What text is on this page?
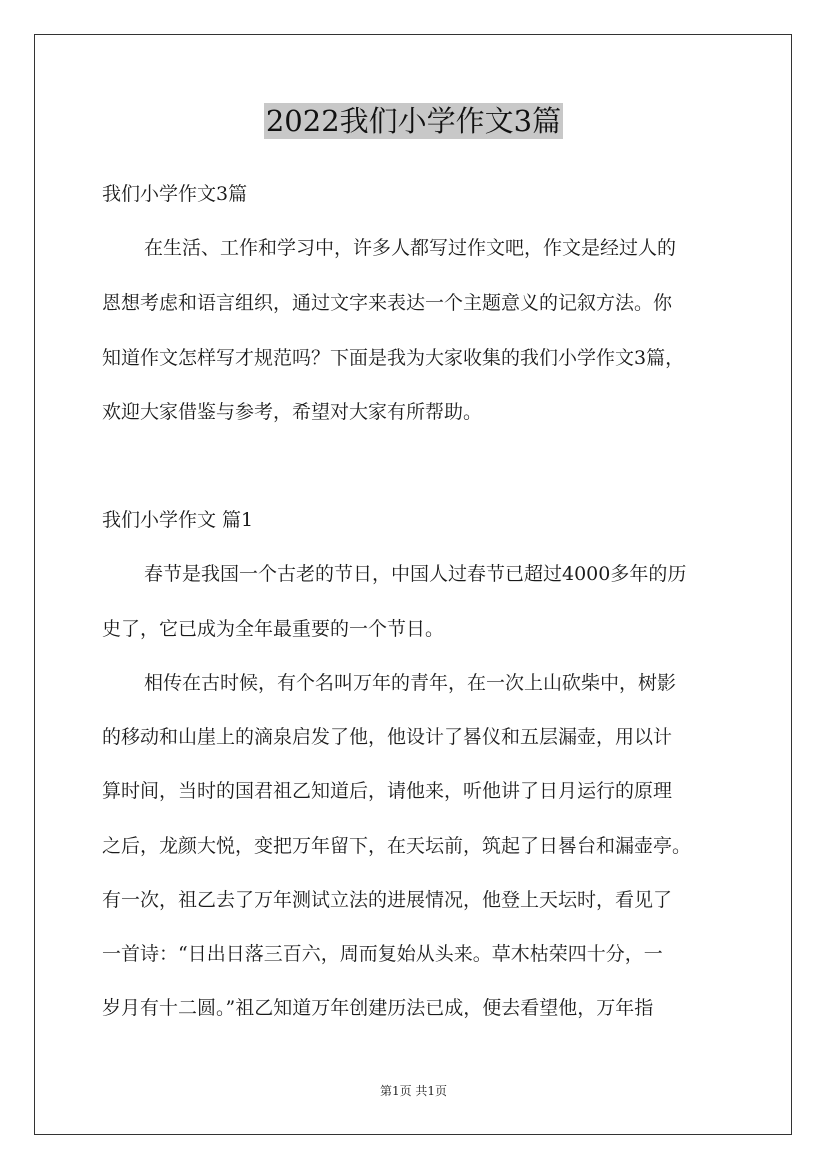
2022我们小学作文3篇
我们小学作文3篇
在生活、工作和学习中，许多人都写过作文吧，作文是经过人的
恩想考虑和语言组织，通过文字来表达一个主题意义的记叙方法。你
知道作文怎样写才规范吗？下面是我为大家收集的我们小学作文3篇，
欢迎大家借鉴与参考，希望对大家有所帮助。
我们小学作文 篇1
春节是我国一个古老的节日，中国人过春节已超过4000多年的历
史了，它已成为全年最重要的一个节日。
相传在古时候，有个名叫万年的青年，在一次上山砍柴中，树影
的移动和山崖上的滴泉启发了他，他设计了晷仪和五层漏壶，用以计
算时间，当时的国君祖乙知道后，请他来，听他讲了日月运行的原理
之后，龙颜大悦，变把万年留下，在天坛前，筑起了日晷台和漏壶亭。
有一次，祖乙去了万年测试立法的进展情况，他登上天坛时，看见了
一首诗：“日出日落三百六，周而复始从头来。草木枯荣四十分，一
岁月有十二圆。”祖乙知道万年创建历法已成，便去看望他，万年指
第1页 共1页
